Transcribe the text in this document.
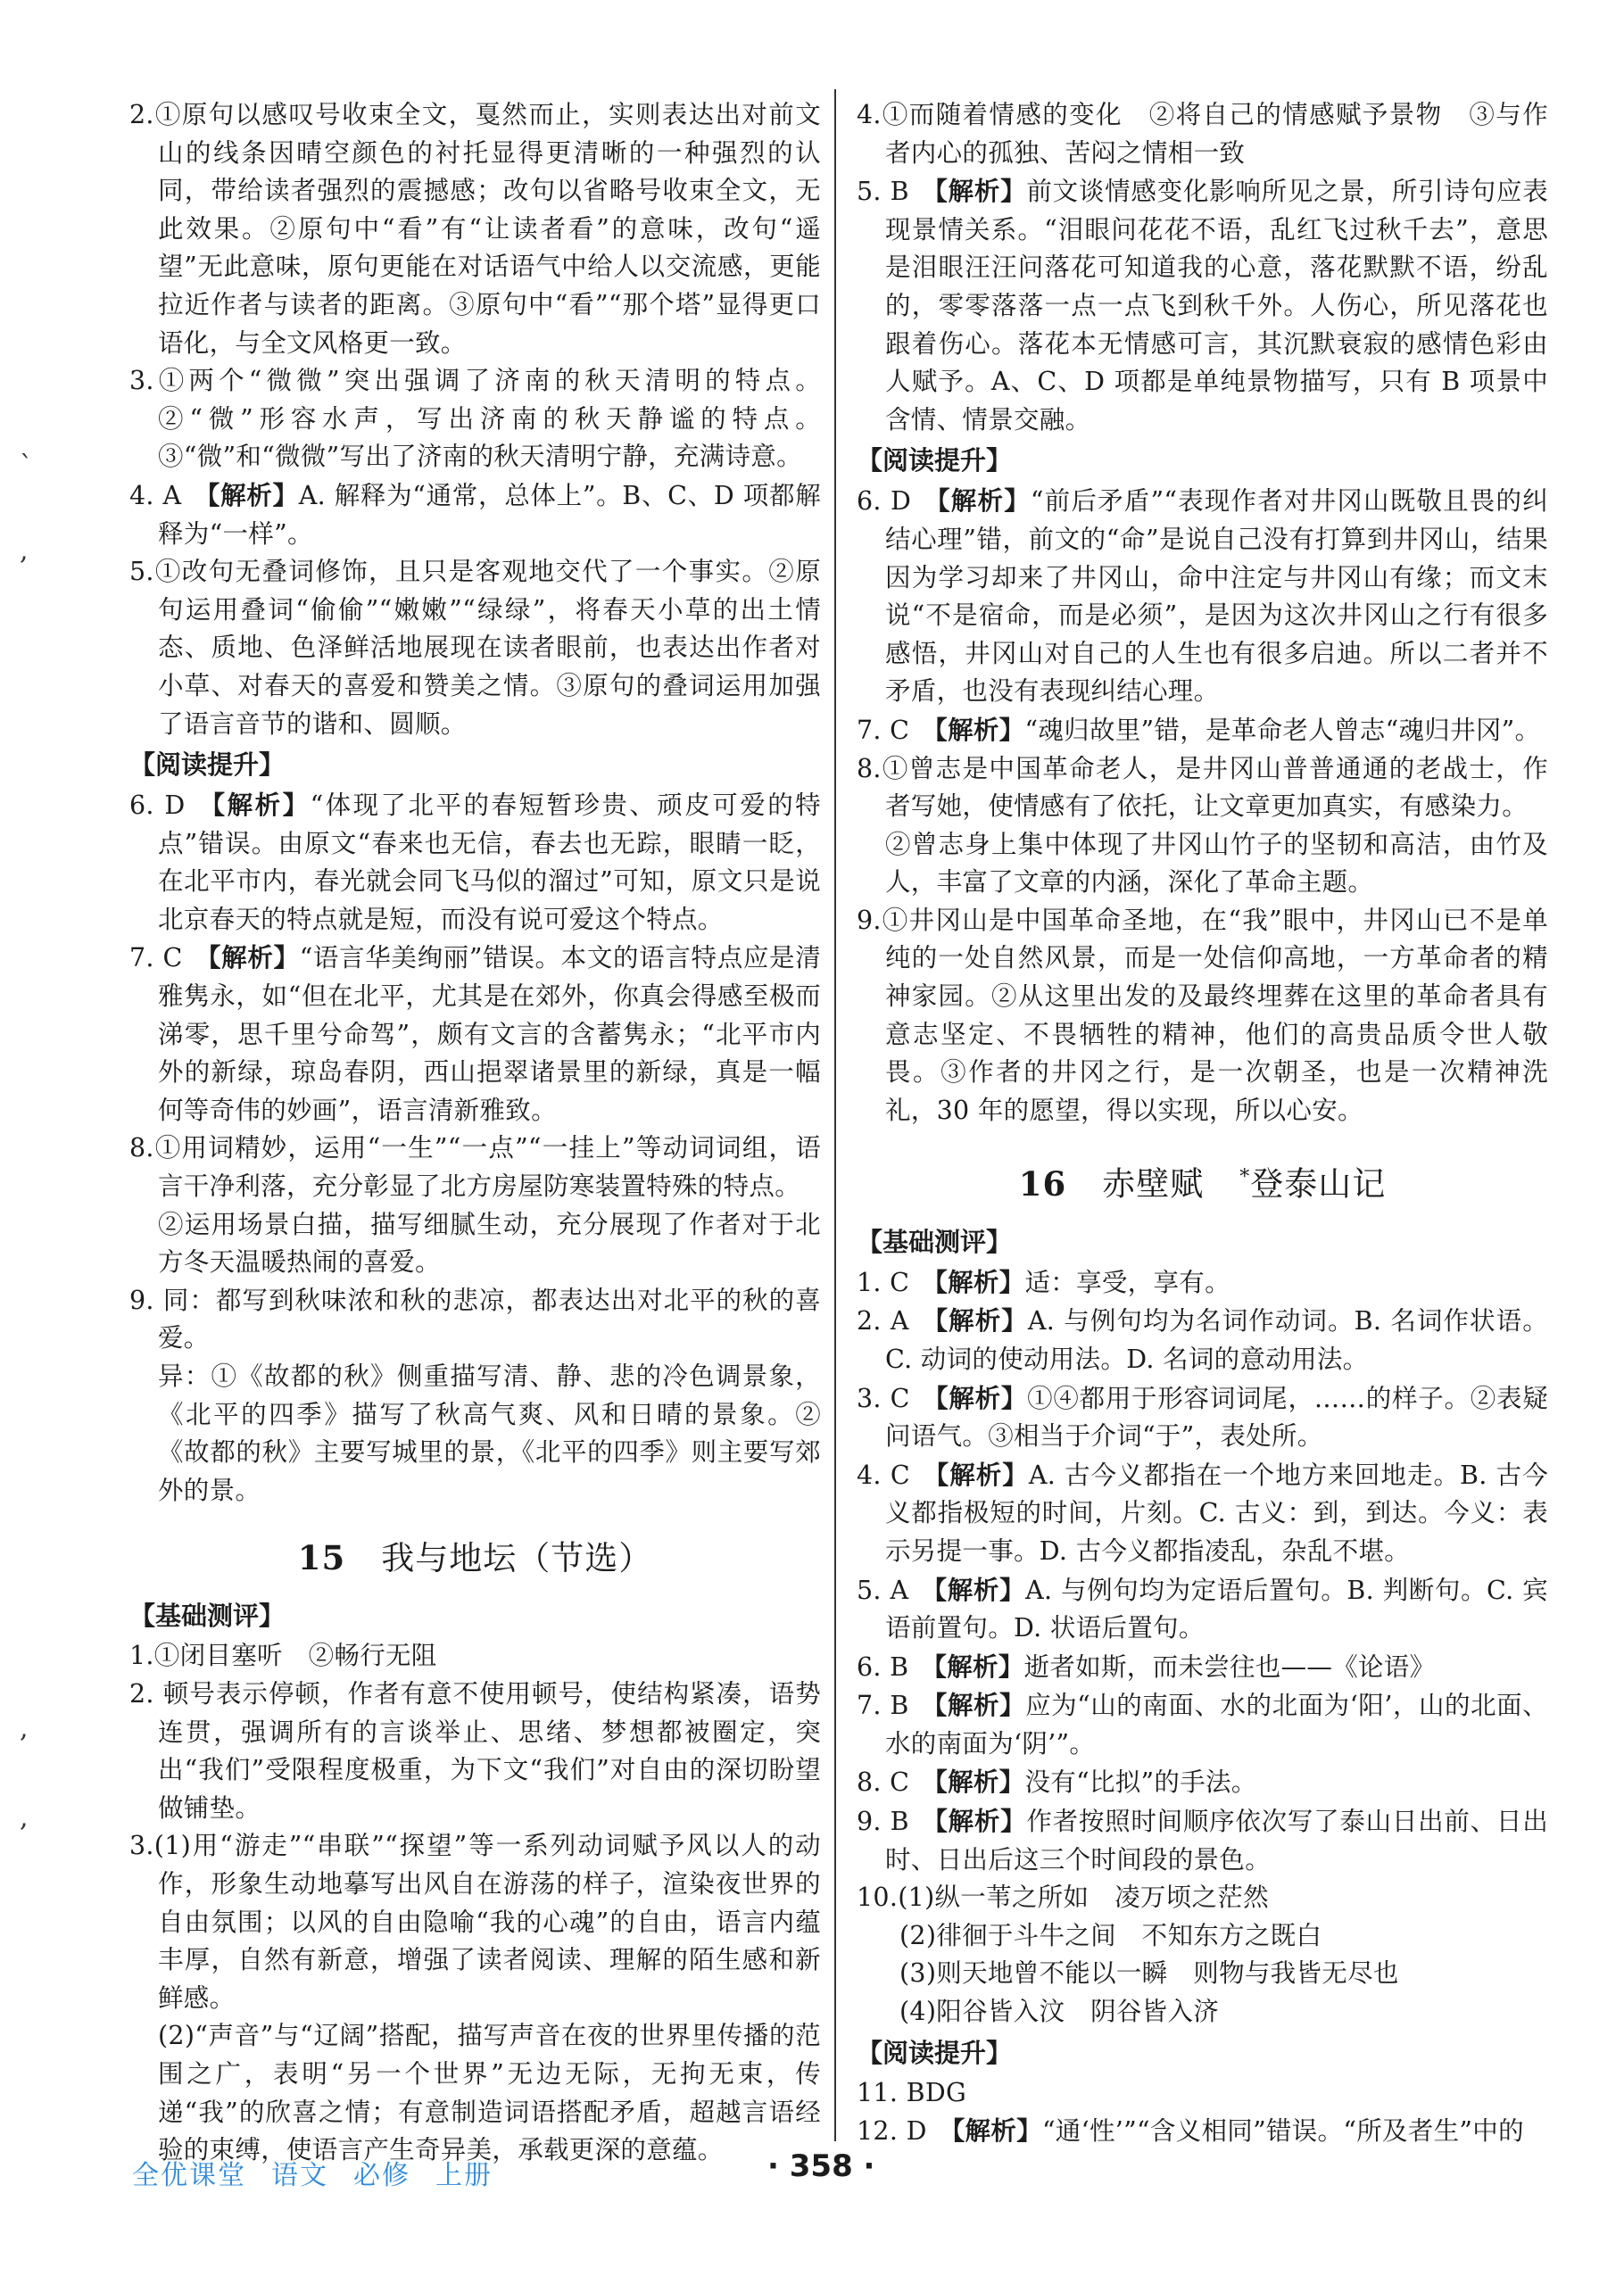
2.①原句以感叹号收束全文，戛然而止，实则表达出对前文山的线条因晴空颜色的衬托显得更清晰的一种强烈的认同，带给读者强烈的震撼感；改句以省略号收束全文，无此效果。②原句中“看”有“让读者看”的意味，改句“遥望”无此意味，原句更能在对话语气中给人以交流感，更能拉近作者与读者的距离。③原句中“看”“那个塔”显得更口语化，与全文风格更一致。

3.①两个“微微”突出强调了济南的秋天清明的特点。②“微”形容水声，写出济南的秋天静谧的特点。③“微”和“微微”写出了济南的秋天清明宁静，充满诗意。

4. A 【解析】A. 解释为“通常，总体上”。B、C、D 项都解释为“一样”。

5.①改句无叠词修饰，且只是客观地交代了一个事实。②原句运用叠词“偷偷”“嫩嫩”“绿绿”，将春天小草的出土情态、质地、色泽鲜活地展现在读者眼前，也表达出作者对小草、对春天的喜爱和赞美之情。③原句的叠词运用加强了语言音节的谐和、圆顺。

【阅读提升】

6. D 【解析】“体现了北平的春短暂珍贵、顽皮可爱的特点”错误。由原文“春来也无信，春去也无踪，眼睛一眨，在北平市内，春光就会同飞马似的溜过”可知，原文只是说北京春天的特点就是短，而没有说可爱这个特点。

7. C 【解析】“语言华美绚丽”错误。本文的语言特点应是清雅隽永，如“但在北平，尤其是在郊外，你真会得感至极而涕零，思千里兮命驾”，颇有文言的含蓄隽永；“北平市内外的新绿，琼岛春阴，西山挹翠诸景里的新绿，真是一幅何等奇伟的妙画”，语言清新雅致。

8.①用词精妙，运用“一生”“一点”“一挂上”等动词词组，语言干净利落，充分彰显了北方房屋防寒装置特殊的特点。

②运用场景白描，描写细腻生动，充分展现了作者对于北方冬天温暖热闹的喜爱。

9. 同：都写到秋味浓和秋的悲凉，都表达出对北平的秋的喜爱。

异：①《故都的秋》侧重描写清、静、悲的冷色调景象，《北平的四季》描写了秋高气爽、风和日晴的景象。②《故都的秋》主要写城里的景，《北平的四季》则主要写郊外的景。

15 我与地坛（节选）
【基础测评】

1.①闭目塞听　②畅行无阻

2. 顿号表示停顿，作者有意不使用顿号，使结构紧凑，语势连贯，强调所有的言谈举止、思绪、梦想都被圈定，突出“我们”受限程度极重，为下文“我们”对自由的深切盼望做铺垫。

3.(1)用“游走”“串联”“探望”等一系列动词赋予风以人的动作，形象生动地摹写出风自在游荡的样子，渲染夜世界的自由氛围；以风的自由隐喻“我的心魂”的自由，语言内蕴丰厚，自然有新意，增强了读者阅读、理解的陌生感和新鲜感。

(2)“声音”与“辽阔”搭配，描写声音在夜的世界里传播的范围之广，表明“另一个世界”无边无际，无拘无束，传递“我”的欣喜之情；有意制造词语搭配矛盾，超越言语经验的束缚，使语言产生奇异美，承载更深的意蕴。

4.①而随着情感的变化　②将自己的情感赋予景物　③与作者内心的孤独、苦闷之情相一致

5. B 【解析】前文谈情感变化影响所见之景，所引诗句应表现景情关系。“泪眼问花花不语，乱红飞过秋千去”，意思是泪眼汪汪问落花可知道我的心意，落花默默不语，纷乱的，零零落落一点一点飞到秋千外。人伤心，所见落花也跟着伤心。落花本无情感可言，其沉默衰寂的感情色彩由人赋予。A、C、D 项都是单纯景物描写，只有 B 项景中含情、情景交融。

【阅读提升】

6. D 【解析】“前后矛盾”“表现作者对井冈山既敬且畏的纠结心理”错，前文的“命”是说自己没有打算到井冈山，结果因为学习却来了井冈山，命中注定与井冈山有缘；而文末说“不是宿命，而是必须”，是因为这次井冈山之行有很多感悟，井冈山对自己的人生也有很多启迪。所以二者并不矛盾，也没有表现纠结心理。

7. C 【解析】“魂归故里”错，是革命老人曾志“魂归井冈”。

8.①曾志是中国革命老人，是井冈山普普通通的老战士，作者写她，使情感有了依托，让文章更加真实，有感染力。

②曾志身上集中体现了井冈山竹子的坚韧和高洁，由竹及人，丰富了文章的内涵，深化了革命主题。

9.①井冈山是中国革命圣地，在“我”眼中，井冈山已不是单纯的一处自然风景，而是一处信仰高地，一方革命者的精神家园。②从这里出发的及最终埋葬在这里的革命者具有意志坚定、不畏牺牲的精神，他们的高贵品质令世人敬畏。③作者的井冈之行，是一次朝圣，也是一次精神洗礼，30 年的愿望，得以实现，所以心安。

16 赤壁赋 *登泰山记
【基础测评】

1. C 【解析】适：享受，享有。

2. A 【解析】A. 与例句均为名词作动词。B. 名词作状语。C. 动词的使动用法。D. 名词的意动用法。

3. C 【解析】①④都用于形容词词尾，……的样子。②表疑问语气。③相当于介词“于”，表处所。

4. C 【解析】A. 古今义都指在一个地方来回地走。B. 古今义都指极短的时间，片刻。C. 古义：到，到达。今义：表示另提一事。D. 古今义都指凌乱，杂乱不堪。

5. A 【解析】A. 与例句均为定语后置句。B. 判断句。C. 宾语前置句。D. 状语后置句。

6. B 【解析】逝者如斯，而未尝往也——《论语》

7. B 【解析】应为“山的南面、水的北面为‘阳’，山的北面、水的南面为‘阴’”。

8. C 【解析】没有“比拟”的手法。

9. B 【解析】作者按照时间顺序依次写了泰山日出前、日出时、日出后这三个时间段的景色。

10.(1)纵一苇之所如　凌万顷之茫然

(2)徘徊于斗牛之间　不知东方之既白

(3)则天地曾不能以一瞬　则物与我皆无尽也

(4)阳谷皆入汶　阴谷皆入济

【阅读提升】

11. BDG

12. D 【解析】“通‘性’”“含义相同”错误。“所及者生”中的

ˋ
,
,
,
全优课堂 语文 必修 上册	· 358 ·
